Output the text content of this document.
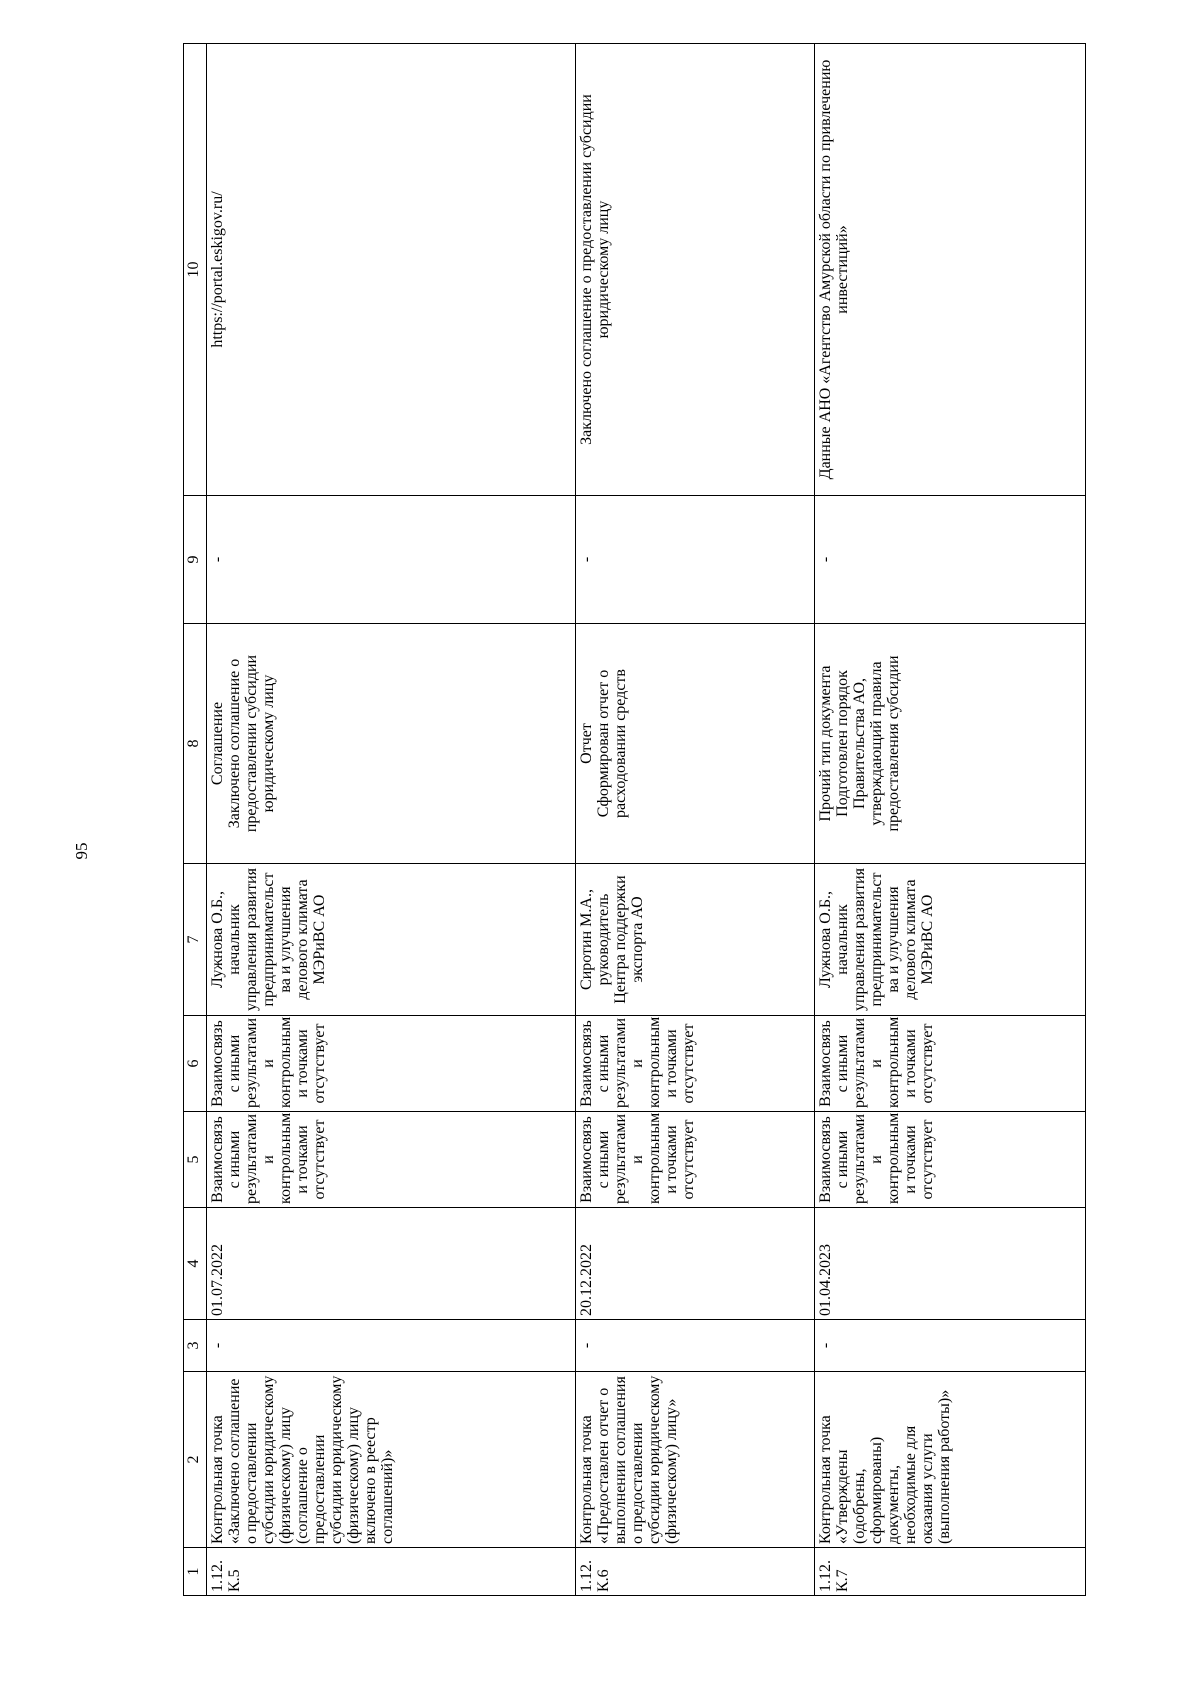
95
1	2	3	4	5	6	7	8	9	10
1.12. К.5	Контрольная точка «Заключено соглашение о предоставлении субсидии юридическому (физическому) лицу (соглашение о предоставлении субсидии юридическому (физическому) лицу включено в реестр соглашений)»	-	01.07.2022	Взаимосвязь с иными результатами и контрольным и точками отсутствует	Взаимосвязь с иными результатами и контрольным и точками отсутствует	Лужнова О.Б., начальник управления развития предпринимательст ва и улучшения делового климата МЭРиВС АО	Соглашение Заключено соглашение о предоставлении субсидии юридическому лицу	-	https://portal.eskigov.ru/
1.12. К.6	Контрольная точка «Предоставлен отчет о выполнении соглашения о предоставлении субсидии юридическому (физическому) лицу»	-	20.12.2022	Взаимосвязь с иными результатами и контрольным и точками отсутствует	Взаимосвязь с иными результатами и контрольным и точками отсутствует	Сиротин М.А., руководитель Центра поддержки экспорта АО	Отчет Сформирован отчет о расходовании средств	-	Заключено соглашение о предоставлении субсидии юридическому лицу
1.12. К.7	Контрольная точка «Утверждены (одобрены, сформированы) документы, необходимые для оказания услуги (выполнения работы)»	-	01.04.2023	Взаимосвязь с иными результатами и контрольным и точками отсутствует	Взаимосвязь с иными результатами и контрольным и точками отсутствует	Лужнова О.Б., начальник управления развития предпринимательст ва и улучшения делового климата МЭРиВС АО	Прочий тип документа Подготовлен порядок Правительства АО, утверждающий правила предоставления субсидии	-	Данные АНО «Агентство Амурской области по привлечению инвестиций»
